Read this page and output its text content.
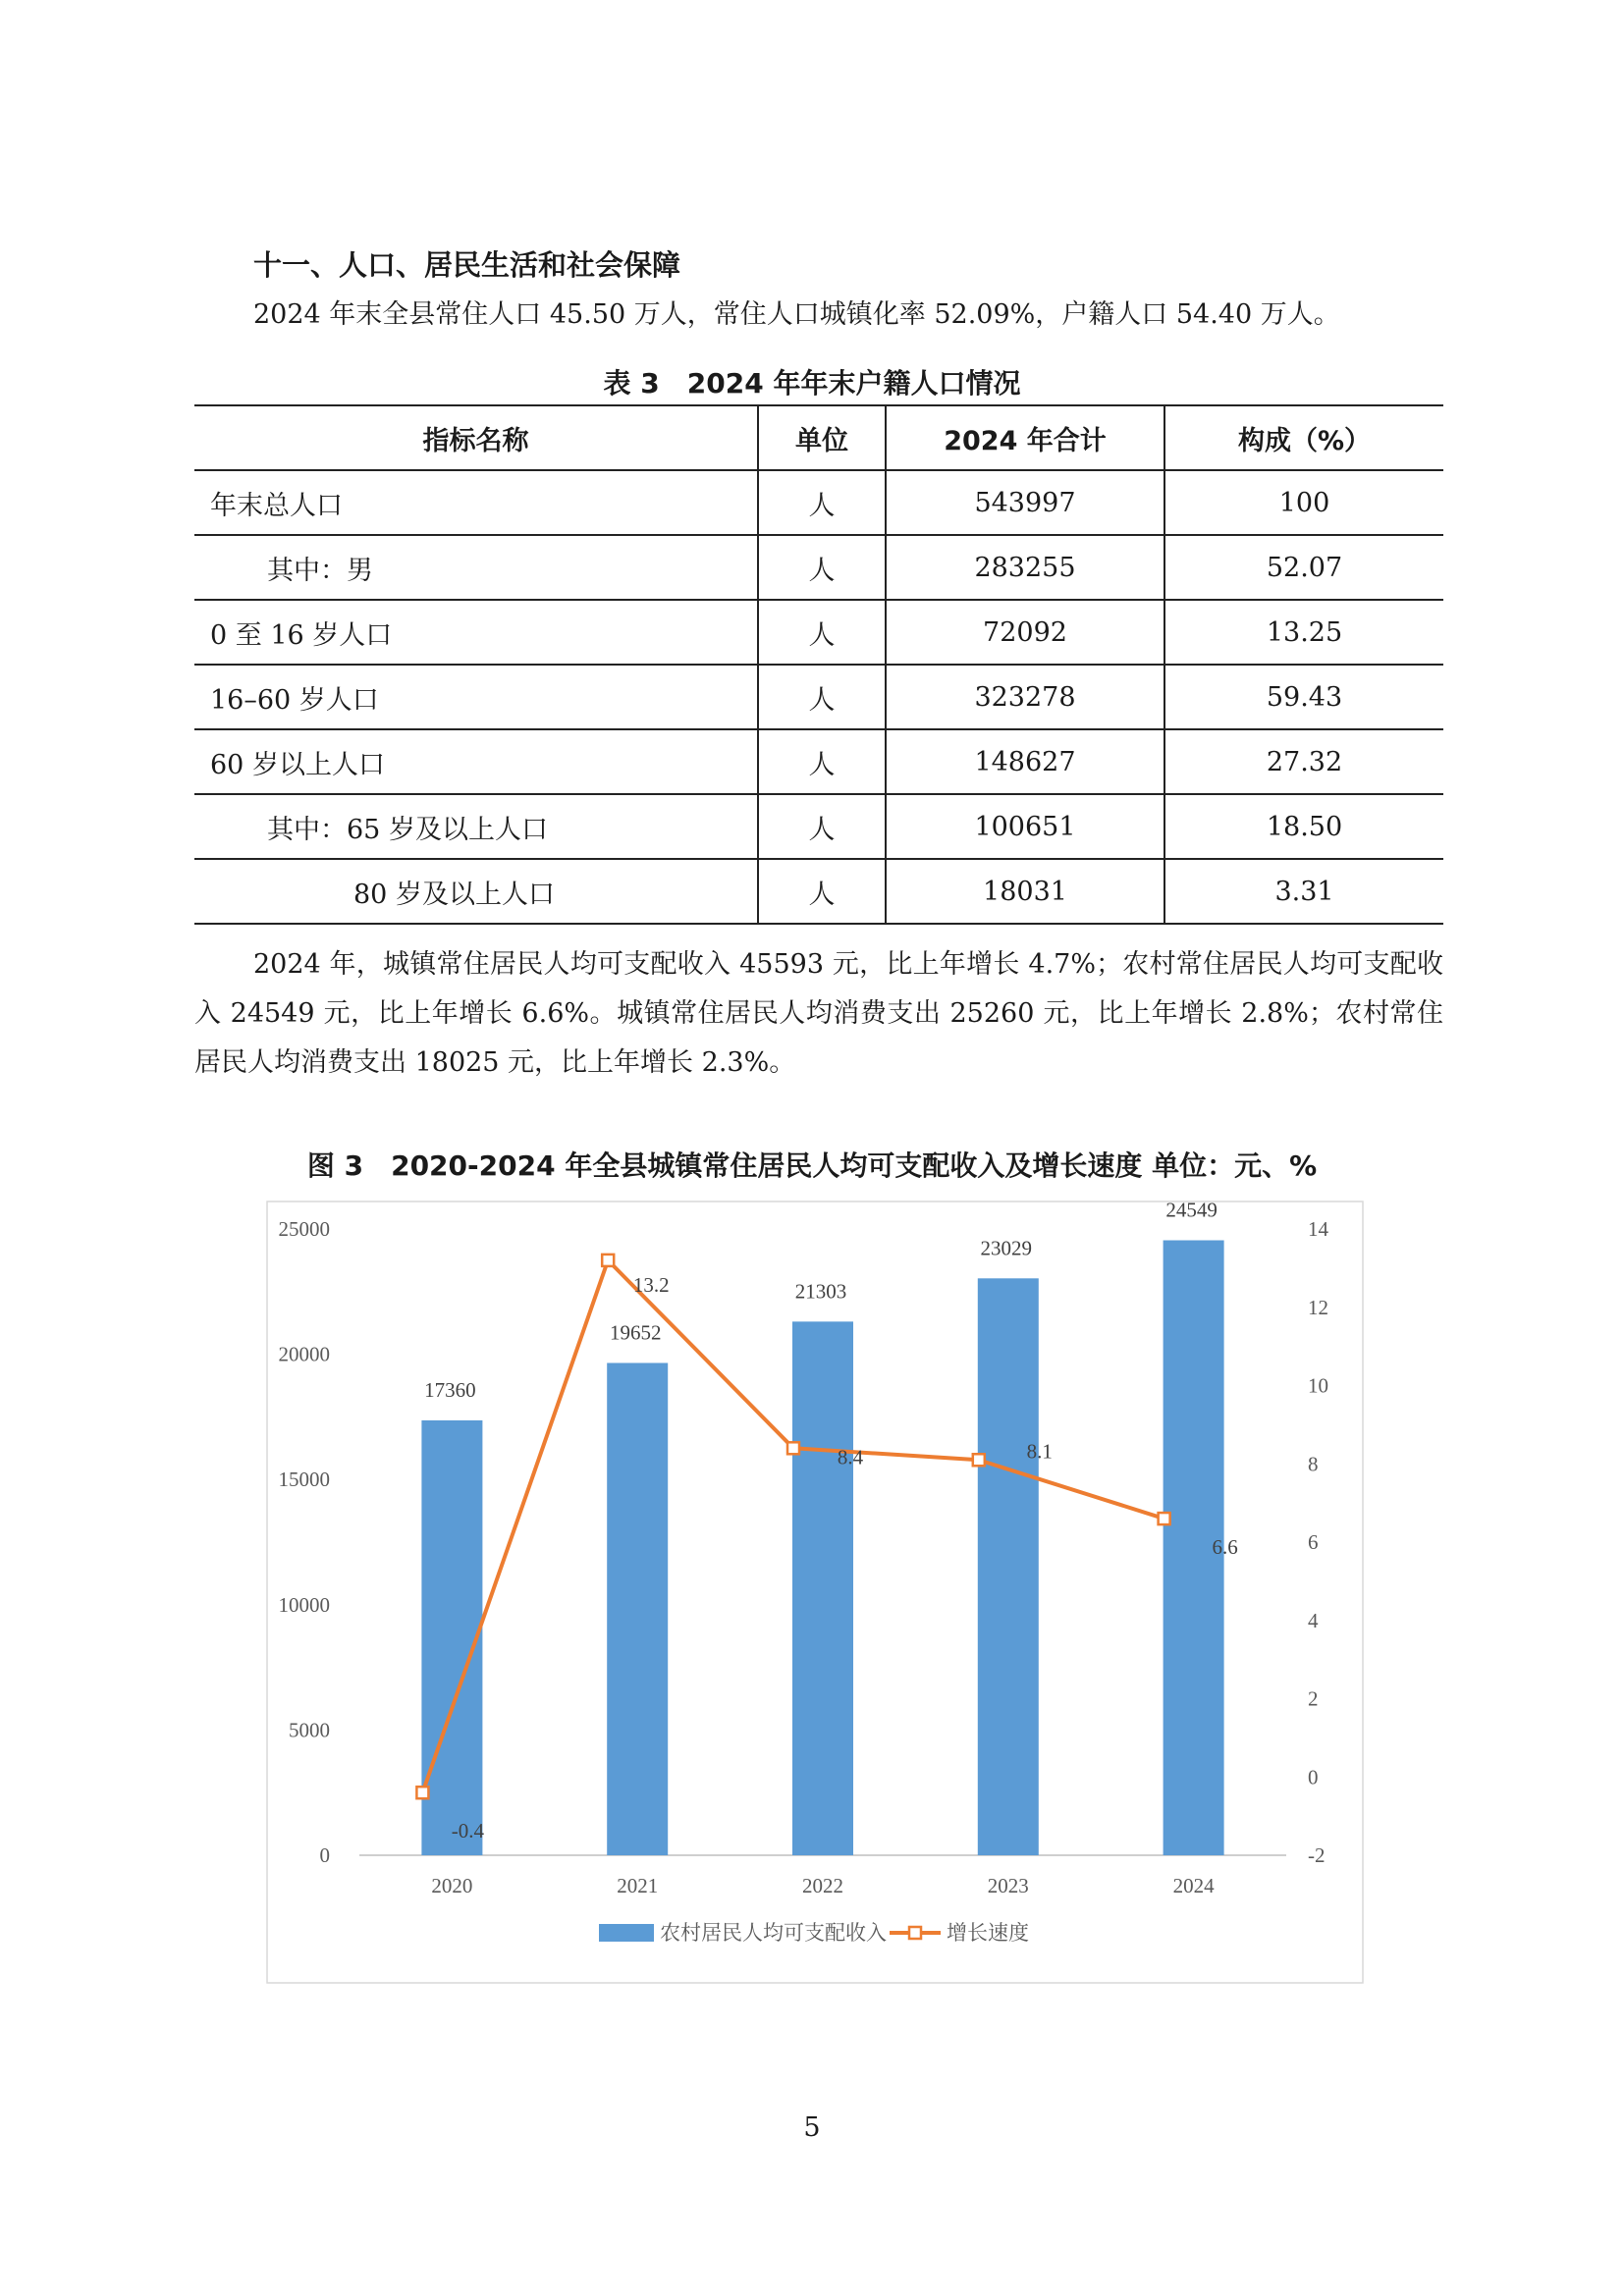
十一、人口、居民生活和社会保障
2024 年末全县常住人口 45.50 万人，常住人口城镇化率 52.09%，户籍人口 54.40 万人。
表 3　2024 年年末户籍人口情况
指标名称	单位	2024 年合计	构成（%）
年末总人口	人	543997	100
其中：男	人	283255	52.07
0 至 16 岁人口	人	72092	13.25
16–60 岁人口	人	323278	59.43
60 岁以上人口	人	148627	27.32
其中：65 岁及以上人口	人	100651	18.50
80 岁及以上人口	人	18031	3.31
2024 年，城镇常住居民人均可支配收入 45593 元，比上年增长 4.7%；农村常住居民人均可支配收入 24549 元，比上年增长 6.6%。城镇常住居民人均消费支出 25260 元，比上年增长 2.8%；农村常住居民人均消费支出 18025 元，比上年增长 2.3%。
图 3　2020-2024 年全县城镇常住居民人均可支配收入及增长速度 单位：元、%
0
5000
10000
15000
20000
25000
-2
0
2
4
6
8
10
12
14
2020	2021	2022	2023	2024
17360
19652
21303
23029
24549
-0.4
13.2
8.4	8.1
6.6
农村居民人均可支配收入	增长速度
5
